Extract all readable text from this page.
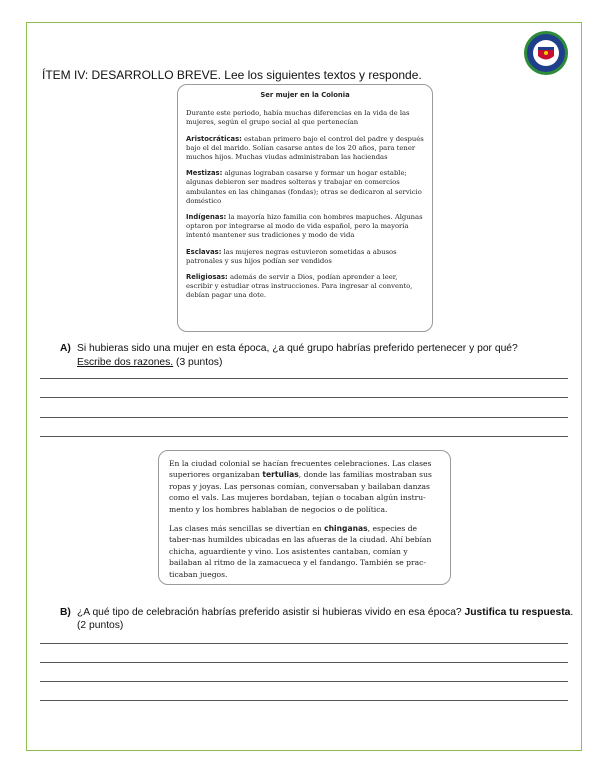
ÍTEM IV: DESARROLLO BREVE. Lee los siguientes textos y responde.
Ser mujer en la Colonia

Durante este periodo, había muchas diferencias en la vida de las mujeres, según el grupo social al que pertenecían

Aristocráticas: estaban primero bajo el control del padre y después bajo el del marido. Solían casarse antes de los 20 años, para tener muchos hijos. Muchas viudas administraban las haciendas

Mestizas: algunas lograban casarse y formar un hogar estable; algunas debieron ser madres solteras y trabajar en comercios ambulantes en las chinganas (fondas); otras se dedicaron al servicio doméstico

Indígenas: la mayoría hizo familia con hombres mapuches. Algunas optaron por integrarse al modo de vida español, pero la mayoría intentó mantener sus tradiciones y modo de vida

Esclavas: las mujeres negras estuvieron sometidas a abusos patronales y sus hijos podían ser vendidos

Religiosas: además de servir a Dios, podían aprender a leer, escribir y estudiar otras instrucciones. Para ingresar al convento, debían pagar una dote.

A) Si hubieras sido una mujer en esta época, ¿a qué grupo habrías preferido pertenecer y por qué?
Escribe dos razones. (3 puntos)

En la ciudad colonial se hacían frecuentes celebraciones. Las clases superiores organizaban tertulias, donde las familias mostraban sus ropas y joyas. Las personas comían, conversaban y bailaban danzas como el vals. Las mujeres bordaban, tejían o tocaban algún instru-mento y los hombres hablaban de negocios o de política.

Las clases más sencillas se divertían en chinganas, especies de taber-nas humildes ubicadas en las afueras de la ciudad. Ahí bebían chicha, aguardiente y vino. Los asistentes cantaban, comían y bailaban al ritmo de la zamacueca y el fandango. También se prac-ticaban juegos.

B) ¿A qué tipo de celebración habrías preferido asistir si hubieras vivido en esa época? Justifica tu respuesta.
(2 puntos)
